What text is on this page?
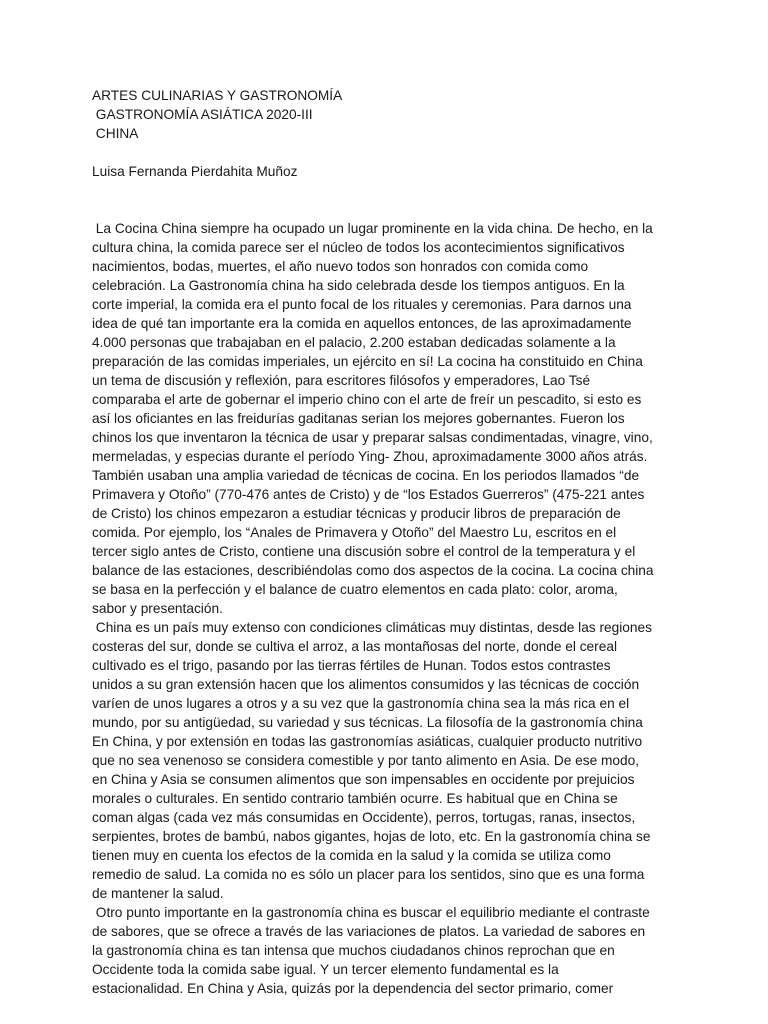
ARTES CULINARIAS Y GASTRONOMÍA
GASTRONOMÍA ASIÁTICA 2020-III
CHINA
Luisa Fernanda Pierdahita Muñoz
La Cocina China siempre ha ocupado un lugar prominente en la vida china. De hecho, en la
cultura china, la comida parece ser el núcleo de todos los acontecimientos significativos
nacimientos, bodas, muertes, el año nuevo todos son honrados con comida como
celebración. La Gastronomía china ha sido celebrada desde los tiempos antiguos. En la
corte imperial, la comida era el punto focal de los rituales y ceremonias. Para darnos una
idea de qué tan importante era la comida en aquellos entonces, de las aproximadamente
4.000 personas que trabajaban en el palacio, 2.200 estaban dedicadas solamente a la
preparación de las comidas imperiales, un ejército en sí! La cocina ha constituido en China
un tema de discusión y reflexión, para escritores filósofos y emperadores, Lao Tsé
comparaba el arte de gobernar el imperio chino con el arte de freír un pescadito, si esto es
así los oficiantes en las freidurías gaditanas serian los mejores gobernantes. Fueron los
chinos los que inventaron la técnica de usar y preparar salsas condimentadas, vinagre, vino,
mermeladas, y especias durante el período Ying- Zhou, aproximadamente 3000 años atrás.
También usaban una amplia variedad de técnicas de cocina. En los periodos llamados “de
Primavera y Otoño” (770-476 antes de Cristo) y de “los Estados Guerreros” (475-221 antes
de Cristo) los chinos empezaron a estudiar técnicas y producir libros de preparación de
comida. Por ejemplo, los “Anales de Primavera y Otoño” del Maestro Lu, escritos en el
tercer siglo antes de Cristo, contiene una discusión sobre el control de la temperatura y el
balance de las estaciones, describiéndolas como dos aspectos de la cocina. La cocina china
se basa en la perfección y el balance de cuatro elementos en cada plato: color, aroma,
sabor y presentación.
China es un país muy extenso con condiciones climáticas muy distintas, desde las regiones
costeras del sur, donde se cultiva el arroz, a las montañosas del norte, donde el cereal
cultivado es el trigo, pasando por las tierras fértiles de Hunan. Todos estos contrastes
unidos a su gran extensión hacen que los alimentos consumidos y las técnicas de cocción
varíen de unos lugares a otros y a su vez que la gastronomía china sea la más rica en el
mundo, por su antigüedad, su variedad y sus técnicas. La filosofía de la gastronomía china
En China, y por extensión en todas las gastronomías asiáticas, cualquier producto nutritivo
que no sea venenoso se considera comestible y por tanto alimento en Asia. De ese modo,
en China y Asia se consumen alimentos que son impensables en occidente por prejuicios
morales o culturales. En sentido contrario también ocurre. Es habitual que en China se
coman algas (cada vez más consumidas en Occidente), perros, tortugas, ranas, insectos,
serpientes, brotes de bambú, nabos gigantes, hojas de loto, etc. En la gastronomía china se
tienen muy en cuenta los efectos de la comida en la salud y la comida se utiliza como
remedio de salud. La comida no es sólo un placer para los sentidos, sino que es una forma
de mantener la salud.
Otro punto importante en la gastronomía china es buscar el equilibrio mediante el contraste
de sabores, que se ofrece a través de las variaciones de platos. La variedad de sabores en
la gastronomía china es tan intensa que muchos ciudadanos chinos reprochan que en
Occidente toda la comida sabe igual. Y un tercer elemento fundamental es la
estacionalidad. En China y Asia, quizás por la dependencia del sector primario, comer
